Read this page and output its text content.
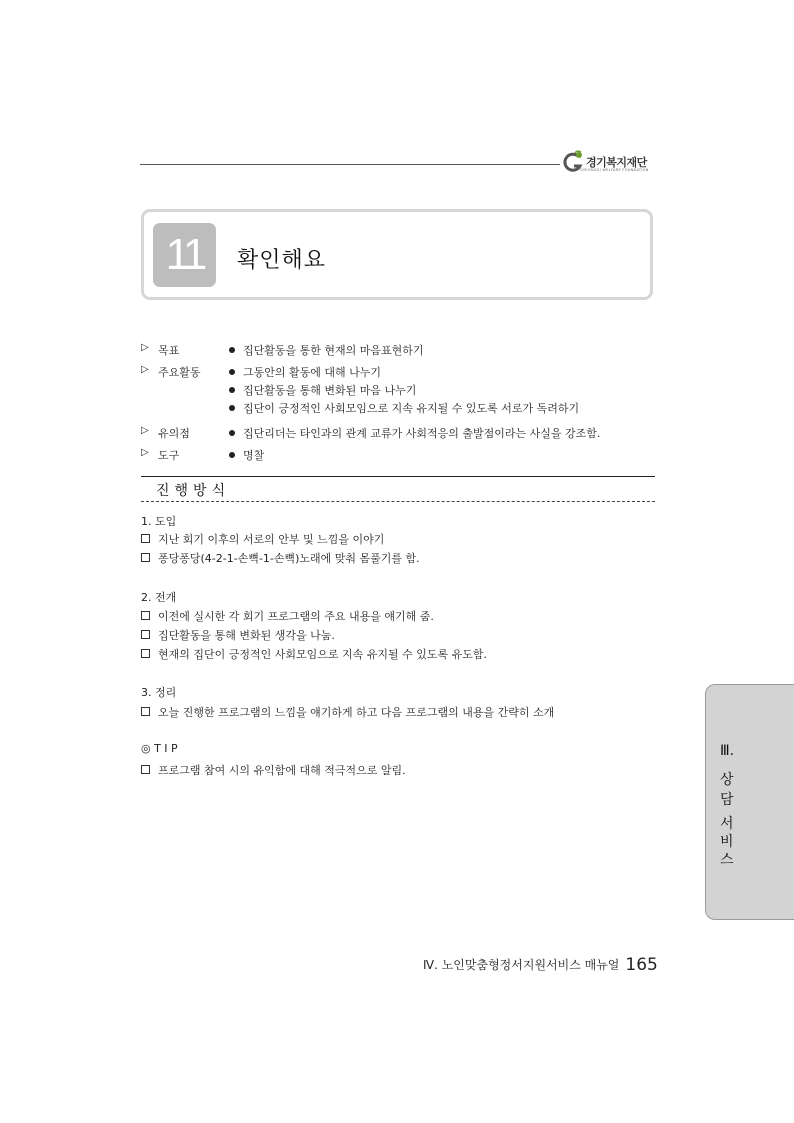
경기복지재단
GYEONGGI WELFARE FOUNDATION
11	확인해요
▷ 목표	집단활동을 통한 현재의 마음표현하기
▷ 주요활동	그동안의 활동에 대해 나누기
집단활동을 통해 변화된 마음 나누기
집단이 긍정적인 사회모임으로 지속 유지될 수 있도록 서로가 독려하기
▷ 유의점	집단리더는 타인과의 관계 교류가 사회적응의 출발점이라는 사실을 강조함.
▷ 도구	명찰
진행방식
1. 도입
지난 회기 이후의 서로의 안부 및 느낌을 이야기
퐁당퐁당(4-2-1-손뼉-1-손뼉)노래에 맞춰 몸풀기를 함.
2. 전개
이전에 실시한 각 회기 프로그램의 주요 내용을 얘기해 줌.
집단활동을 통해 변화된 생각을 나눔.
현재의 집단이 긍정적인 사회모임으로 지속 유지될 수 있도록 유도함.
3. 정리
오늘 진행한 프로그램의 느낌을 얘기하게 하고 다음 프로그램의 내용을 간략히 소개
◎ T I P
프로그램 참여 시의 유익함에 대해 적극적으로 알림.
Ⅲ.
상
담
서
비
스
Ⅳ. 노인맞춤형정서지원서비스 매뉴얼 165
